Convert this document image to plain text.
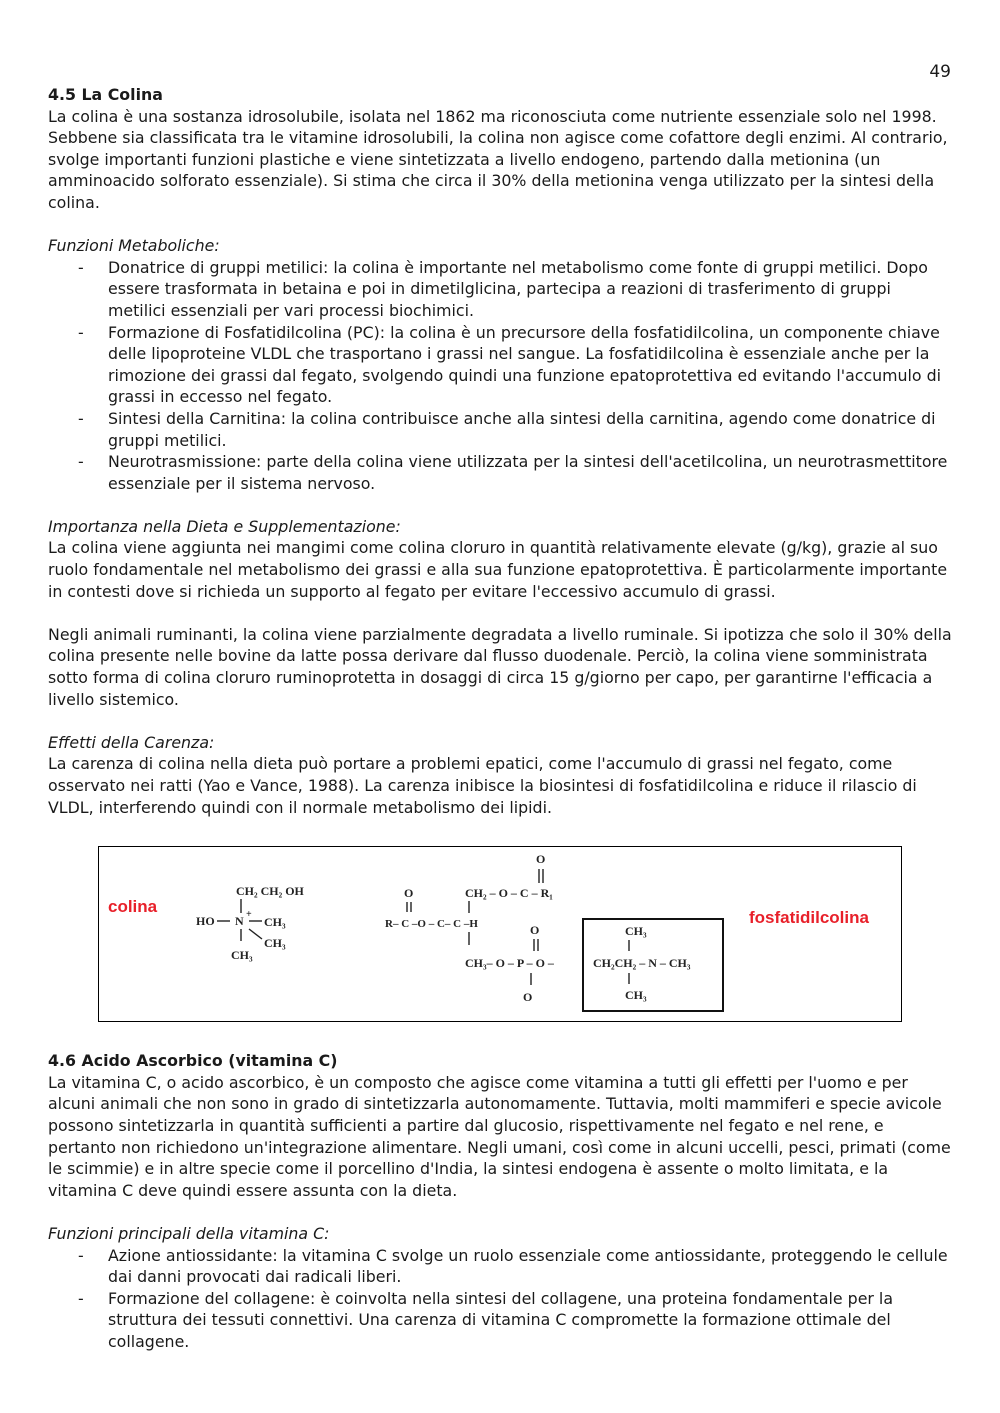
49
4.5 La Colina

La colina è una sostanza idrosolubile, isolata nel 1862 ma riconosciuta come nutriente essenziale solo nel 1998. Sebbene sia classificata tra le vitamine idrosolubili, la colina non agisce come cofattore degli enzimi. Al contrario, svolge importanti funzioni plastiche e viene sintetizzata a livello endogeno, partendo dalla metionina (un amminoacido solforato essenziale). Si stima che circa il 30% della metionina venga utilizzato per la sintesi della colina.

Funzioni Metaboliche:

- Donatrice di gruppi metilici: la colina è importante nel metabolismo come fonte di gruppi metilici. Dopo essere trasformata in betaina e poi in dimetilglicina, partecipa a reazioni di trasferimento di gruppi metilici essenziali per vari processi biochimici.
- Formazione di Fosfatidilcolina (PC): la colina è un precursore della fosfatidilcolina, un componente chiave delle lipoproteine VLDL che trasportano i grassi nel sangue. La fosfatidilcolina è essenziale anche per la rimozione dei grassi dal fegato, svolgendo quindi una funzione epatoprotettiva ed evitando l'accumulo di grassi in eccesso nel fegato.
- Sintesi della Carnitina: la colina contribuisce anche alla sintesi della carnitina, agendo come donatrice di gruppi metilici.
- Neurotrasmissione: parte della colina viene utilizzata per la sintesi dell'acetilcolina, un neurotrasmettitore essenziale per il sistema nervoso.

Importanza nella Dieta e Supplementazione:

La colina viene aggiunta nei mangimi come colina cloruro in quantità relativamente elevate (g/kg), grazie al suo ruolo fondamentale nel metabolismo dei grassi e alla sua funzione epatoprotettiva. È particolarmente importante in contesti dove si richieda un supporto al fegato per evitare l'eccessivo accumulo di grassi.

Negli animali ruminanti, la colina viene parzialmente degradata a livello ruminale. Si ipotizza che solo il 30% della colina presente nelle bovine da latte possa derivare dal flusso duodenale. Perciò, la colina viene somministrata sotto forma di colina cloruro ruminoprotetta in dosaggi di circa 15 g/giorno per capo, per garantirne l'efficacia a livello sistemico.

Effetti della Carenza:

La carenza di colina nella dieta può portare a problemi epatici, come l'accumulo di grassi nel fegato, come osservato nei ratti (Yao e Vance, 1988). La carenza inibisce la biosintesi di fosfatidilcolina e riduce il rilascio di VLDL, interferendo quindi con il normale metabolismo dei lipidi.

colina
fosfatidilcolina
CH₂ CH₂ OH
HO N +
CH₃
CH₃
CH₃
O
CH₂ – O – C – R₁
O
R– C –O – C– C –H	O
CH₃– O – P – O –
O
CH₃
CH₂CH₂ – N – CH₃
CH₃
4.6 Acido Ascorbico (vitamina C)

La vitamina C, o acido ascorbico, è un composto che agisce come vitamina a tutti gli effetti per l'uomo e per alcuni animali che non sono in grado di sintetizzarla autonomamente. Tuttavia, molti mammiferi e specie avicole possono sintetizzarla in quantità sufficienti a partire dal glucosio, rispettivamente nel fegato e nel rene, e pertanto non richiedono un'integrazione alimentare. Negli umani, così come in alcuni uccelli, pesci, primati (come le scimmie) e in altre specie come il porcellino d'India, la sintesi endogena è assente o molto limitata, e la vitamina C deve quindi essere assunta con la dieta.

Funzioni principali della vitamina C:

- Azione antiossidante: la vitamina C svolge un ruolo essenziale come antiossidante, proteggendo le cellule dai danni provocati dai radicali liberi.
- Formazione del collagene: è coinvolta nella sintesi del collagene, una proteina fondamentale per la struttura dei tessuti connettivi. Una carenza di vitamina C compromette la formazione ottimale del collagene.
